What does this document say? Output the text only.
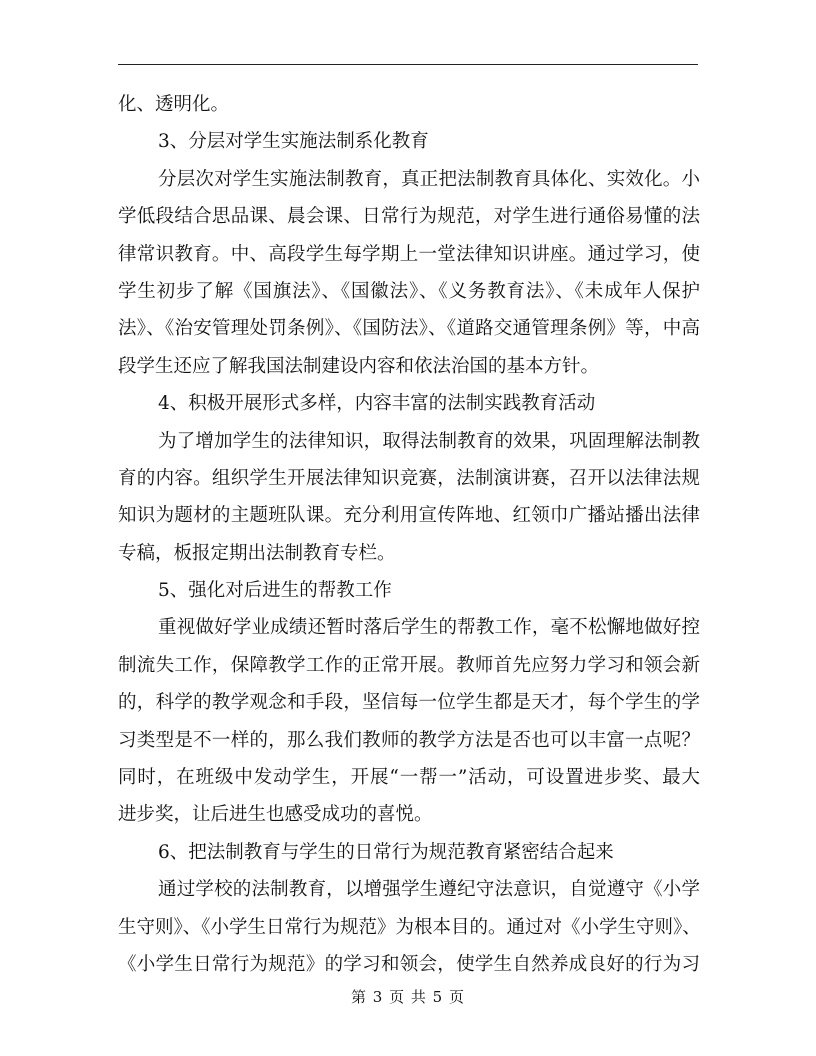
化、透明化。
3、分层对学生实施法制系化教育
分层次对学生实施法制教育，真正把法制教育具体化、实效化。小
学低段结合思品课、晨会课、日常行为规范，对学生进行通俗易懂的法
律常识教育。中、高段学生每学期上一堂法律知识讲座。通过学习，使
学生初步了解《国旗法》、《国徽法》、《义务教育法》、《未成年人保护
法》、《治安管理处罚条例》、《国防法》、《道路交通管理条例》等，中高
段学生还应了解我国法制建设内容和依法治国的基本方针。
4、积极开展形式多样，内容丰富的法制实践教育活动
为了增加学生的法律知识，取得法制教育的效果，巩固理解法制教
育的内容。组织学生开展法律知识竞赛，法制演讲赛，召开以法律法规
知识为题材的主题班队课。充分利用宣传阵地、红领巾广播站播出法律
专稿，板报定期出法制教育专栏。
5、强化对后进生的帮教工作
重视做好学业成绩还暂时落后学生的帮教工作，毫不松懈地做好控
制流失工作，保障教学工作的正常开展。教师首先应努力学习和领会新
的，科学的教学观念和手段，坚信每一位学生都是天才，每个学生的学
习类型是不一样的，那么我们教师的教学方法是否也可以丰富一点呢？
同时，在班级中发动学生，开展“一帮一”活动，可设置进步奖、最大
进步奖，让后进生也感受成功的喜悦。
6、把法制教育与学生的日常行为规范教育紧密结合起来
通过学校的法制教育，以增强学生遵纪守法意识，自觉遵守《小学
生守则》、《小学生日常行为规范》为根本目的。通过对《小学生守则》、
《小学生日常行为规范》的学习和领会，使学生自然养成良好的行为习
第 3 页 共 5 页
